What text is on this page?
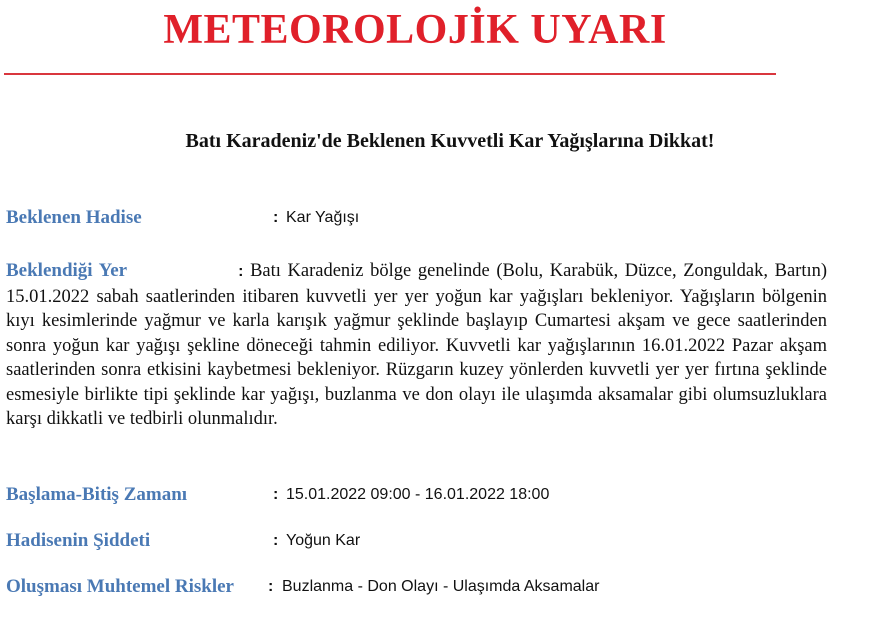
METEOROLOJİK UYARI
Batı Karadeniz'de Beklenen Kuvvetli Kar Yağışlarına Dikkat!
Beklenen Hadise	: Kar Yağışı

Beklendiği Yer	: Batı Karadeniz bölge genelinde (Bolu, Karabük, Düzce, Zonguldak, Bartın) 15.01.2022 sabah saatlerinden itibaren kuvvetli yer yer yoğun kar yağışları bekleniyor. Yağışların bölgenin kıyı kesimlerinde yağmur ve karla karışık yağmur şeklinde başlayıp Cumartesi akşam ve gece saatlerinden sonra yoğun kar yağışı şekline döneceği tahmin ediliyor. Kuvvetli kar yağışlarının 16.01.2022 Pazar akşam saatlerinden sonra etkisini kaybetmesi bekleniyor. Rüzgarın kuzey yönlerden kuvvetli yer yer fırtına şeklinde esmesiyle birlikte tipi şeklinde kar yağışı, buzlanma ve don olayı ile ulaşımda aksamalar gibi olumsuzluklara karşı dikkatli ve tedbirli olunmalıdır.

Başlama-Bitiş Zamanı	: 15.01.2022 09:00 - 16.01.2022 18:00
Hadisenin Şiddeti	: Yoğun Kar
Oluşması Muhtemel Riskler : Buzlanma - Don Olayı - Ulaşımda Aksamalar
